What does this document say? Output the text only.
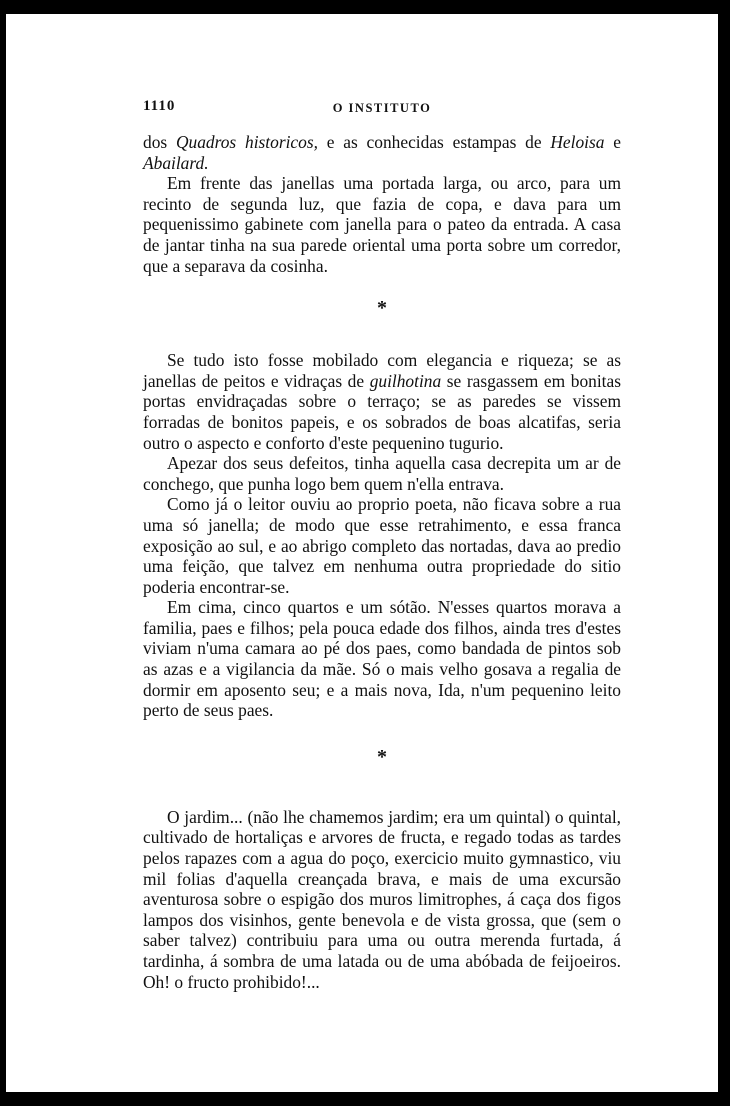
1110	O INSTITUTO

dos Quadros historicos, e as conhecidas estampas de Heloisa e Abailard.

Em frente das janellas uma portada larga, ou arco, para um recinto de segunda luz, que fazia de copa, e dava para um pequenissimo gabinete com janella para o pateo da entrada. A casa de jantar tinha na sua parede oriental uma porta sobre um corredor, que a separava da cosinha.

*

Se tudo isto fosse mobilado com elegancia e riqueza; se as janellas de peitos e vidraças de guilhotina se rasgassem em bonitas portas envidraçadas sobre o terraço; se as paredes se vissem forradas de bonitos papeis, e os sobrados de boas alcatifas, seria outro o aspecto e conforto d'este pequenino tugurio.

Apezar dos seus defeitos, tinha aquella casa decrepita um ar de conchego, que punha logo bem quem n'ella entrava.

Como já o leitor ouviu ao proprio poeta, não ficava sobre a rua uma só janella; de modo que esse retrahimento, e essa franca exposição ao sul, e ao abrigo completo das nortadas, dava ao predio uma feição, que talvez em nenhuma outra propriedade do sitio poderia encontrar-se.

Em cima, cinco quartos e um sótão. N'esses quartos moravа a familia, paes e filhos; pela pouca edade dos filhos, ainda tres d'estes viviam n'uma camara ao pé dos paes, como bandada de pintos sob as azas e a vigilancia da mãe. Só o mais velho gosava a regalia de dormir em aposento seu; e a mais nova, Ida, n'um pequenino leito perto de seus paes.

*

O jardim... (não lhe chamemos jardim; era um quintal) o quintal, cultivado de hortaliças e arvores de fructa, e regado todas as tardes pelos rapazes com a agua do poço, exercicio muito gymnastico, viu mil folias d'aquella creançada brava, e mais de uma excursão aventurosa sobre o espigão dos muros limitrophes, á caça dos figos lampos dos visinhos, gente benevola e de vista grossa, que (sem o saber talvez) contribuiu para uma ou outra merenda furtada, á tardinha, á sombra de uma latada ou de uma abóbada de feijoeiros. Oh! o fructo prohibido!...
